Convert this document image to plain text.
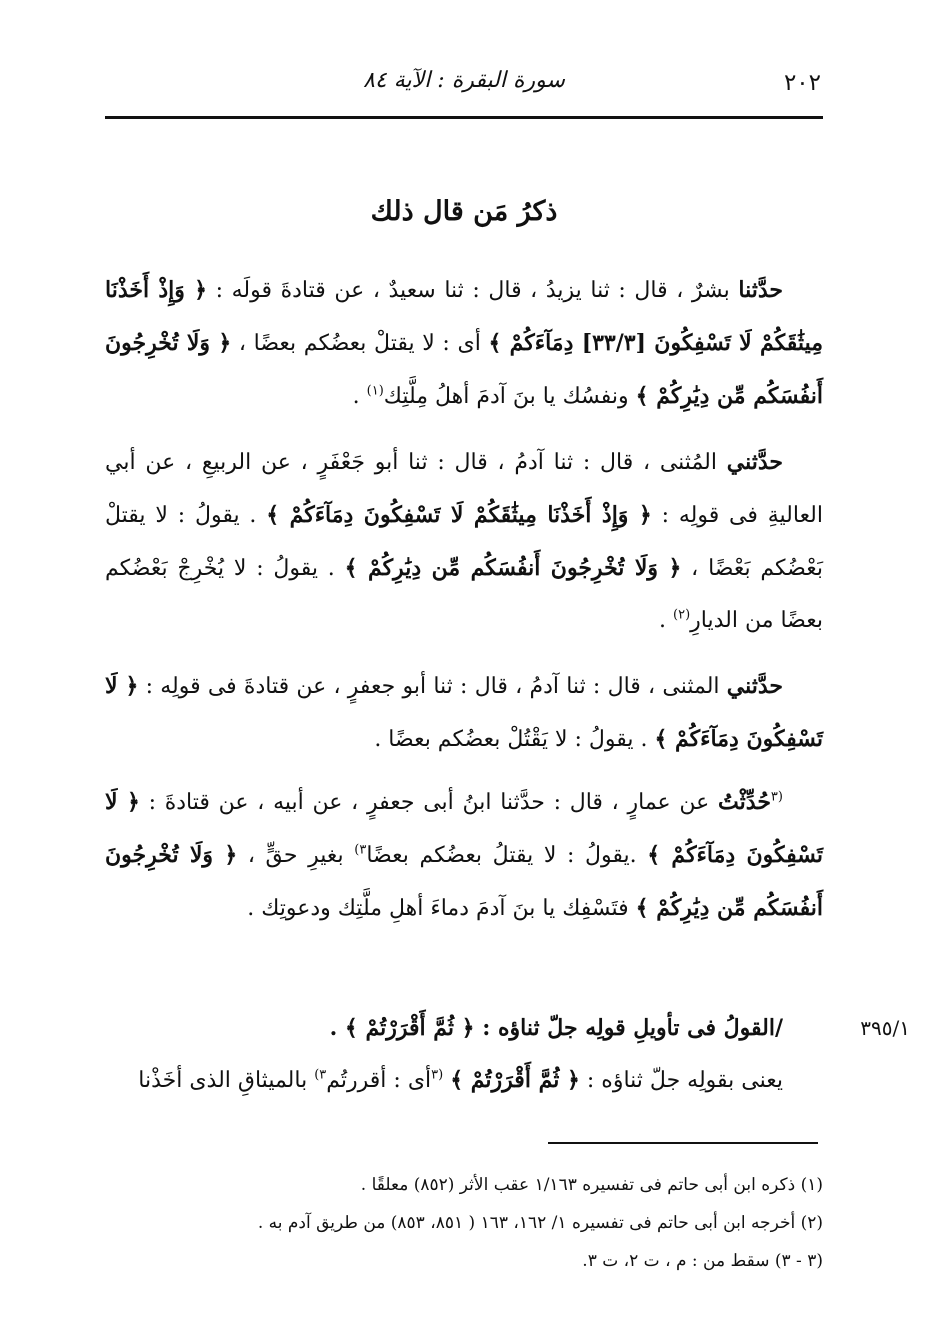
٢٠٢
سورة البقرة : الآية ٨٤
ذكرُ مَن قال ذلك

حدَّثنا بشرٌ ، قال : ثنا يزيدُ ، قال : ثنا سعيدٌ ، عن قتادةَ قولَه : ﴿ وَإِذْ أَخَذْنَا مِيثَٰقَكُمْ لَا تَسْفِكُونَ [٣٣/٣] دِمَآءَكُمْ ﴾ أى : لا يقتلْ بعضُكم بعضًا ، ﴿ وَلَا تُخْرِجُونَ أَنفُسَكُم مِّن دِيَٰرِكُمْ ﴾ ونفسُك يا بنَ آدمَ أهلُ مِلَّتِك$^{(١)}$ .

حدَّثني المُثنى ، قال : ثنا آدمُ ، قال : ثنا أبو جَعْفَرٍ ، عن الربيعِ ، عن أبي العاليةِ فى قولِه : ﴿ وَإِذْ أَخَذْنَا مِيثَٰقَكُمْ لَا تَسْفِكُونَ دِمَآءَكُمْ ﴾ . يقولُ : لا يقتلْ بَعْضُكم بَعْضًا ، ﴿ وَلَا تُخْرِجُونَ أَنفُسَكُم مِّن دِيَٰرِكُمْ ﴾ . يقولُ : لا يُخْرِجْ بَعْضُكم بعضًا من الديارِ$^{(٢)}$ .

حدَّثني المثنى ، قال : ثنا آدمُ ، قال : ثنا أبو جعفرٍ ، عن قتادةَ فى قولِه : ﴿ لَا تَسْفِكُونَ دِمَآءَكُمْ ﴾ . يقولُ : لا يَقْتُلْ بعضُكم بعضًا .

$^{(٣}$حُدِّثْتُ عن عمارٍ ، قال : حدَّثنا ابنُ أبى جعفرٍ ، عن أبيه ، عن قتادةَ : ﴿ لَا تَسْفِكُونَ دِمَآءَكُمْ ﴾ .يقولُ : لا يقتلُ بعضُكم بعضًا$^{٣)}$ بغيرِ حقٍّ ، ﴿ وَلَا تُخْرِجُونَ أَنفُسَكُم مِّن دِيَٰرِكُمْ ﴾ فتَسْفِك يا بنَ آدمَ دماءَ أهلِ ملَّتِك ودعوتِك .

٣٩٥/١
/القولُ فى تأويلِ قولِه جلّ ثناؤه : ﴿ ثُمَّ أَقْرَرْتُمْ ﴾ .

يعنى بقولِه جلّ ثناؤه : ﴿ ثُمَّ أَقْرَرْتُمْ ﴾ $^{(٣}$أى : أقررتُم$^{٣)}$ بالميثاقِ الذى أخَذْنا

(١) ذكره ابن أبى حاتم فى تفسيره ١/١٦٣ عقب الأثر (٨٥٢) معلقًا .

(٢) أخرجه ابن أبى حاتم فى تفسيره ١/ ١٦٢، ١٦٣ ( ٨٥١، ٨٥٣) من طريق آدم به .

(٣ - ٣) سقط من : م ، ت ٢، ت ٣.
